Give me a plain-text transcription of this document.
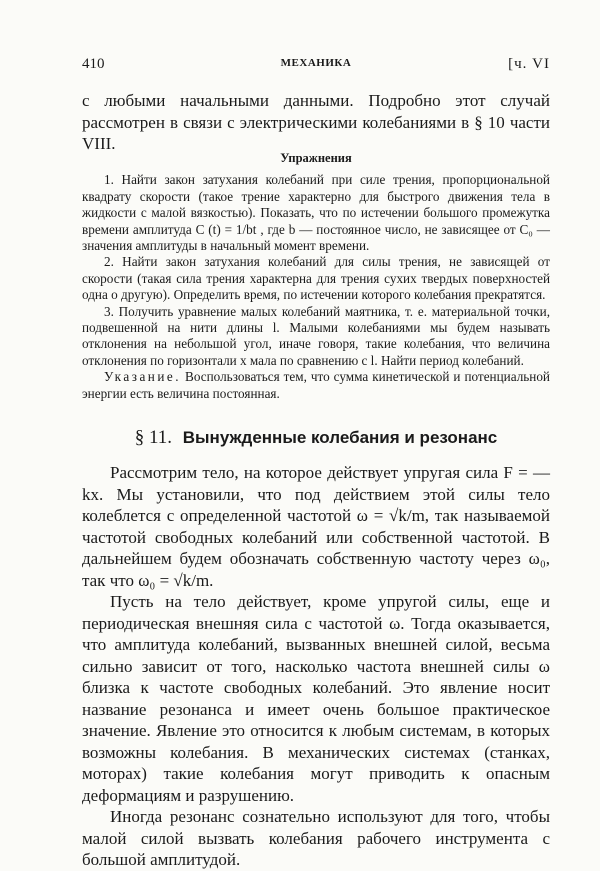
410	МЕХАНИКА	[ч. VI

с любыми начальными данными. Подробно этот случай рассмотрен в связи с электрическими колебаниями в § 10 части VIII.

Упражнения

1. Найти закон затухания колебаний при силе трения, пропорциональной квадрату скорости (такое трение характерно для быстрого движения тела в жидкости с малой вязкостью). Показать, что по истечении большого промежутка времени амплитуда C (t) = 1/bt , где b — постоянное число, не зависящее от C₀ — значения амплитуды в начальный момент времени.

2. Найти закон затухания колебаний для силы трения, не зависящей от скорости (такая сила трения характерна для трения сухих твердых поверхностей одна о другую). Определить время, по истечении которого колебания прекратятся.

3. Получить уравнение малых колебаний маятника, т. е. материальной точки, подвешенной на нити длины l. Малыми колебаниями мы будем называть отклонения на небольшой угол, иначе говоря, такие колебания, что величина отклонения по горизонтали x мала по сравнению с l. Найти период колебаний.

Указание. Воспользоваться тем, что сумма кинетической и потенциальной энергии есть величина постоянная.

§ 11. Вынужденные колебания и резонанс

Рассмотрим тело, на которое действует упругая сила F = — kx. Мы установили, что под действием этой силы тело колеблется с определенной частотой ω = √k/m, так называемой частотой свободных колебаний или собственной частотой. В дальнейшем будем обозначать собственную частоту через ω₀, так что ω₀ = √k/m.

Пусть на тело действует, кроме упругой силы, еще и периодическая внешняя сила с частотой ω. Тогда оказывается, что амплитуда колебаний, вызванных внешней силой, весьма сильно зависит от того, насколько частота внешней силы ω близка к частоте свободных колебаний. Это явление носит название резонанса и имеет очень большое практическое значение. Явление это относится к любым системам, в которых возможны колебания. В механических системах (станках, моторах) такие колебания могут приводить к опасным деформациям и разрушению.

Иногда резонанс сознательно используют для того, чтобы малой силой вызвать колебания рабочего инструмента с большой амплитудой.
